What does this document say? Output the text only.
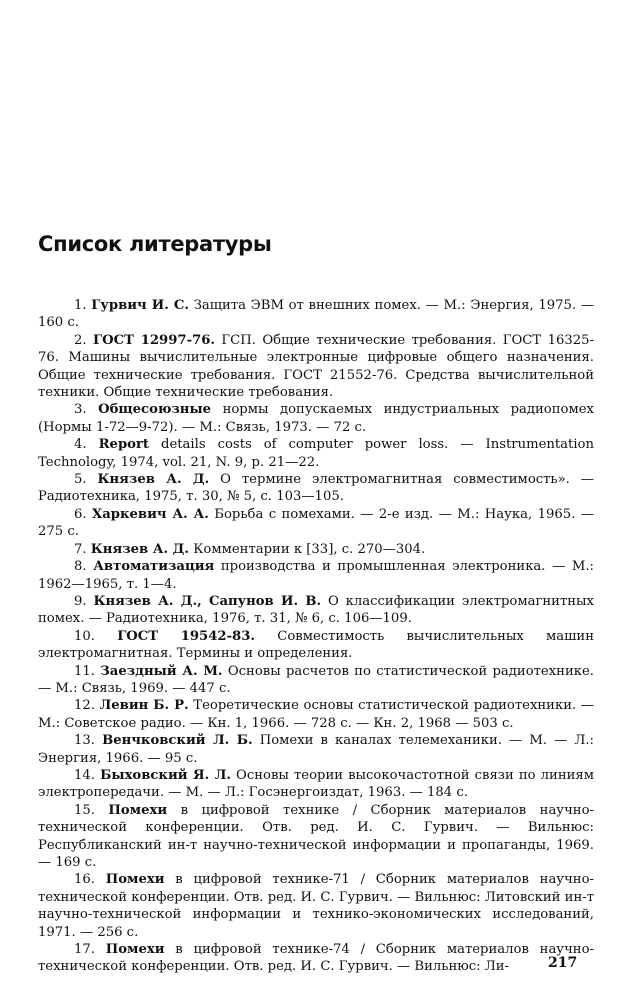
Список литературы
1. Гурвич И. С. Защита ЭВМ от внешних помех. — М.: Энергия, 1975. — 160 с.
2. ГОСТ 12997-76. ГСП. Общие технические требования. ГОСТ 16325-76. Машины вычислительные электронные цифровые общего назначения. Общие технические требования. ГОСТ 21552-76. Средства вычислительной техники. Общие технические требования.
3. Общесоюзные нормы допускаемых индустриальных радиопомех (Нормы 1-72—9-72). — М.: Связь, 1973. — 72 с.
4. Report details costs of computer power loss. — Instrumentation Technology, 1974, vol. 21, N. 9, p. 21—22.
5. Князев А. Д. О термине электромагнитная совместимость». — Радиотехника, 1975, т. 30, № 5, с. 103—105.
6. Харкевич А. А. Борьба с помехами. — 2-е изд. — М.: Наука, 1965. — 275 с.
7. Князев А. Д. Комментарии к [33], с. 270—304.
8. Автоматизация производства и промышленная электроника. — М.: 1962—1965, т. 1—4.
9. Князев А. Д., Сапунов И. В. О классификации электромагнитных помех. — Радиотехника, 1976, т. 31, № 6, с. 106—109.
10. ГОСТ 19542-83. Совместимость вычислительных машин электромагнитная. Термины и определения.
11. Заездный А. М. Основы расчетов по статистической радиотехнике. — М.: Связь, 1969. — 447 с.
12. Левин Б. Р. Теоретические основы статистической радиотехники. — М.: Советское радио. — Кн. 1, 1966. — 728 с. — Кн. 2, 1968 — 503 с.
13. Венчковский Л. Б. Помехи в каналах телемеханики. — М. — Л.: Энергия, 1966. — 95 с.
14. Быховский Я. Л. Основы теории высокочастотной связи по линиям электропередачи. — М. — Л.: Госэнергоиздат, 1963. — 184 с.
15. Помехи в цифровой технике / Сборник материалов научно-технической конференции. Отв. ред. И. С. Гурвич. — Вильнюс: Республиканский ин-т научно-технической информации и пропаганды, 1969. — 169 с.
16. Помехи в цифровой технике-71 / Сборник материалов научно-технической конференции. Отв. ред. И. С. Гурвич. — Вильнюс: Литовский ин-т научно-технической информации и технико-экономических исследований, 1971. — 256 с.
17. Помехи в цифровой технике-74 / Сборник материалов научно-технической конференции. Отв. ред. И. С. Гурвич. — Вильнюс: Ли-	217
